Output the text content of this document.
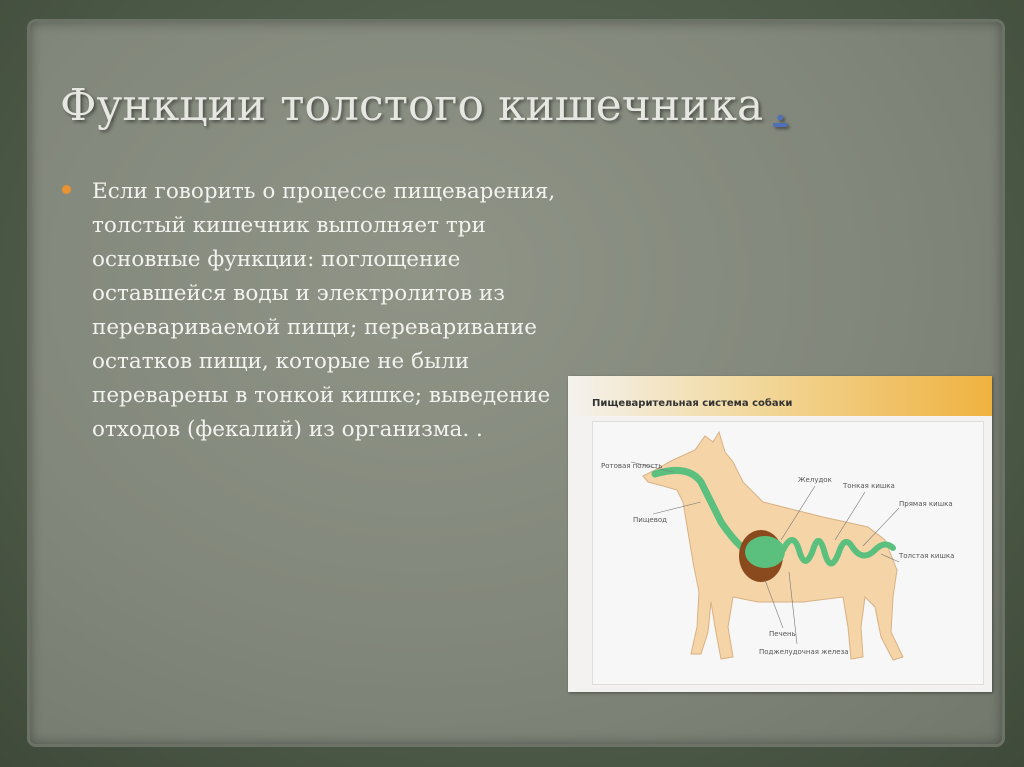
Функции толстого кишечника .
Если говорить о процессе пищеварения, толстый кишечник выполняет три основные функции: поглощение оставшейся воды и электролитов из перевариваемой пищи; переваривание остатков пищи, которые не были переварены в тонкой кишке; выведение отходов (фекалий) из организма. .
Пищеварительная система собаки
Ротовая полость
Пищевод
Желудок
Тонкая кишка
Прямая кишка
Толстая кишка
Печень
Поджелудочная железа
